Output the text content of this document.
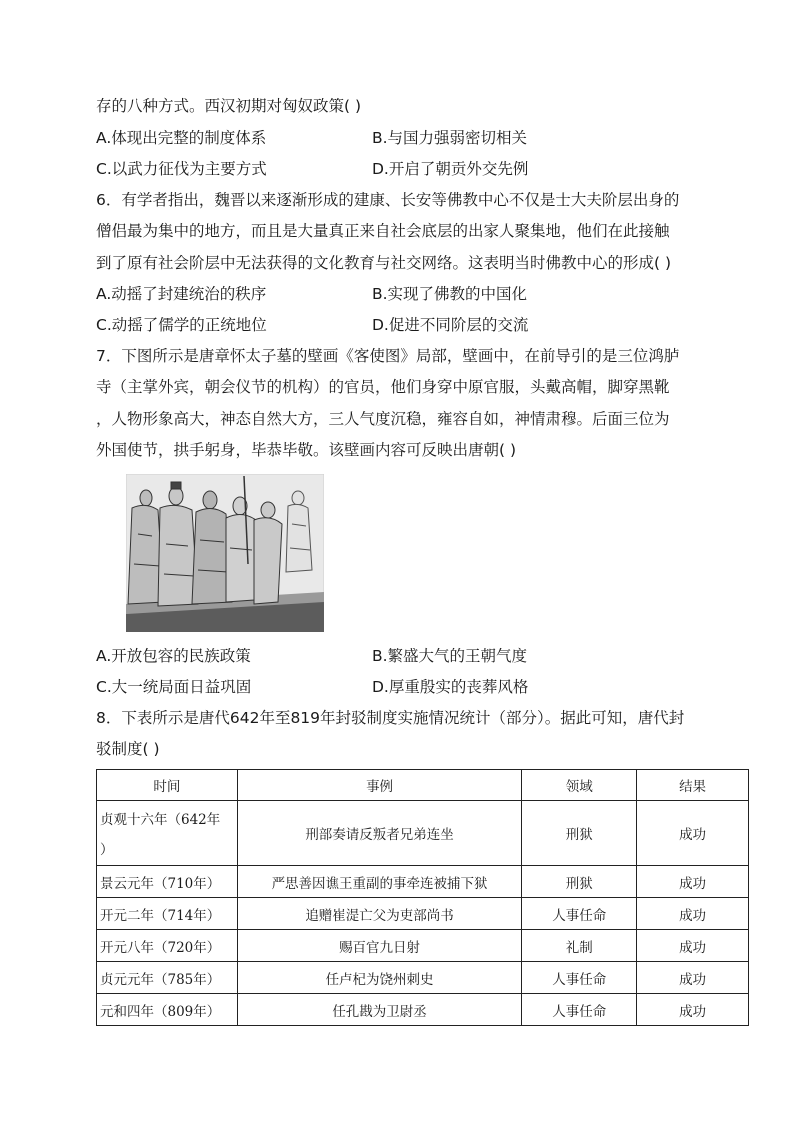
存的八种方式。西汉初期对匈奴政策( )
A.体现出完整的制度体系	B.与国力强弱密切相关
C.以武力征伐为主要方式	D.开启了朝贡外交先例
6．有学者指出，魏晋以来逐渐形成的建康、长安等佛教中心不仅是士大夫阶层出身的
僧侣最为集中的地方，而且是大量真正来自社会底层的出家人聚集地，他们在此接触
到了原有社会阶层中无法获得的文化教育与社交网络。这表明当时佛教中心的形成( )
A.动摇了封建统治的秩序	B.实现了佛教的中国化
C.动摇了儒学的正统地位	D.促进不同阶层的交流
7．下图所示是唐章怀太子墓的壁画《客使图》局部，壁画中，在前导引的是三位鸿胪
寺（主掌外宾，朝会仪节的机构）的官员，他们身穿中原官服，头戴高帽，脚穿黑靴
，人物形象高大，神态自然大方，三人气度沉稳，雍容自如，神情肃穆。后面三位为
外国使节，拱手躬身，毕恭毕敬。该壁画内容可反映出唐朝( )
A.开放包容的民族政策	B.繁盛大气的王朝气度
C.大一统局面日益巩固	D.厚重殷实的丧葬风格
8．下表所示是唐代642年至819年封驳制度实施情况统计（部分）。据此可知，唐代封
驳制度( )
时间	事例	领域	结果

贞观十六年（642年
）	刑部奏请反叛者兄弟连坐	刑狱	成功
景云元年（710年）	严思善因谯王重副的事牵连被捕下狱	刑狱	成功
开元二年（714年）	追赠崔湜亡父为吏部尚书	人事任命	成功
开元八年（720年）	赐百官九日射	礼制	成功
贞元元年（785年）	任卢杞为饶州刺史	人事任命	成功
元和四年（809年）	任孔戡为卫尉丞	人事任命	成功
